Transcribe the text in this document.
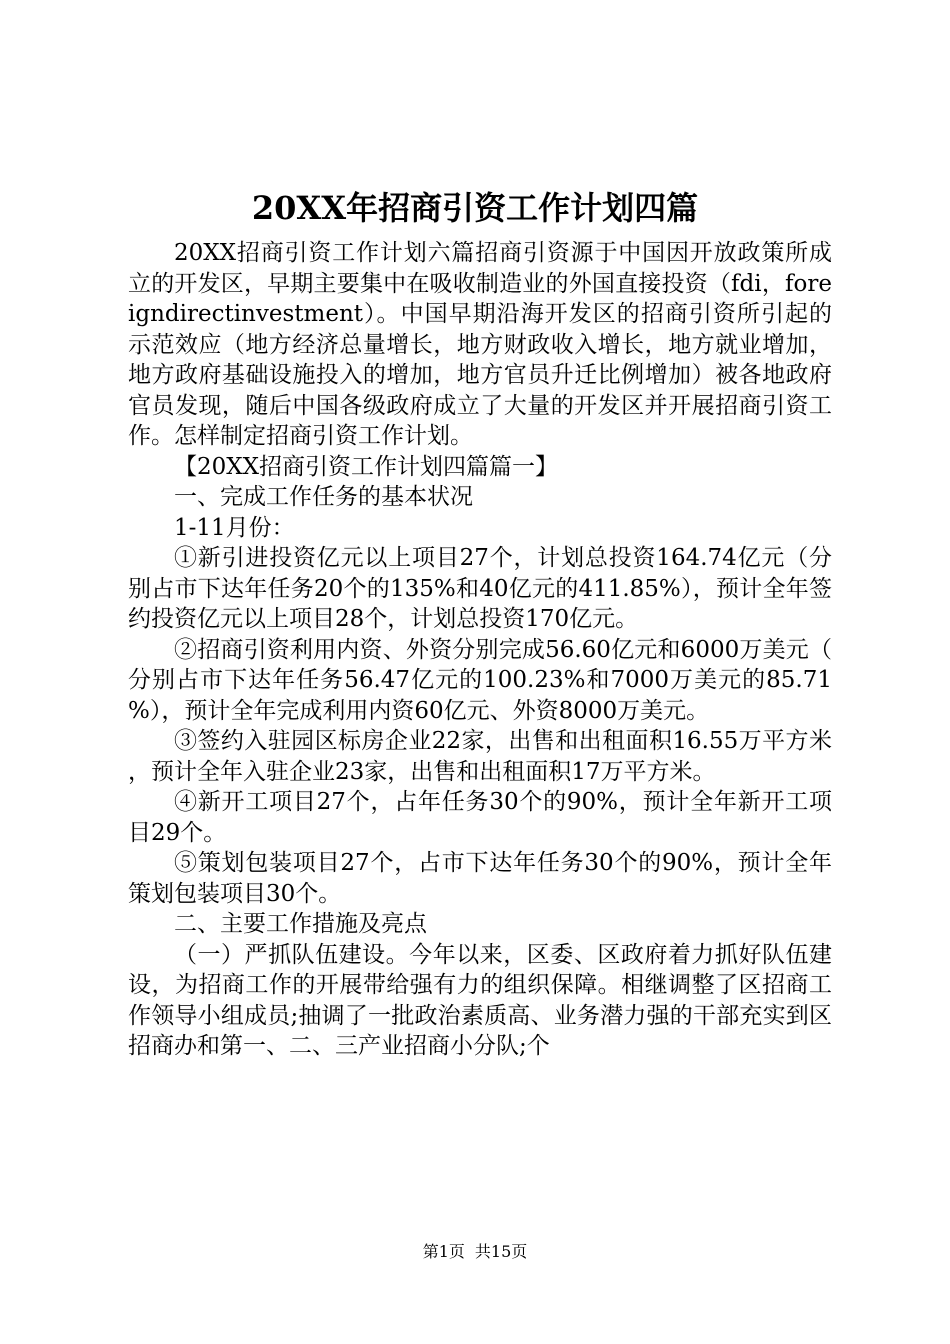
20XX年招商引资工作计划四篇

20XX招商引资工作计划六篇招商引资源于中国因开放政策所成立的开发区，早期主要集中在吸收制造业的外国直接投资（fdi，foreigndirectinvestment）。中国早期沿海开发区的招商引资所引起的示范效应（地方经济总量增长，地方财政收入增长，地方就业增加，地方政府基础设施投入的增加，地方官员升迁比例增加）被各地政府官员发现，随后中国各级政府成立了大量的开发区并开展招商引资工作。怎样制定招商引资工作计划。

【20XX招商引资工作计划四篇篇一】

一、完成工作任务的基本状况

1-11月份：

①新引进投资亿元以上项目27个，计划总投资164.74亿元（分别占市下达年任务20个的135%和40亿元的411.85%），预计全年签约投资亿元以上项目28个，计划总投资170亿元。

②招商引资利用内资、外资分别完成56.60亿元和6000万美元（分别占市下达年任务56.47亿元的100.23%和7000万美元的85.71%），预计全年完成利用内资60亿元、外资8000万美元。

③签约入驻园区标房企业22家，出售和出租面积16.55万平方米，预计全年入驻企业23家，出售和出租面积17万平方米。

④新开工项目27个，占年任务30个的90%，预计全年新开工项目29个。

⑤策划包装项目27个，占市下达年任务30个的90%，预计全年策划包装项目30个。

二、主要工作措施及亮点

（一）严抓队伍建设。今年以来，区委、区政府着力抓好队伍建设，为招商工作的开展带给强有力的组织保障。相继调整了区招商工作领导小组成员;抽调了一批政治素质高、业务潜力强的干部充实到区招商办和第一、二、三产业招商小分队;个

第1页 共15页
